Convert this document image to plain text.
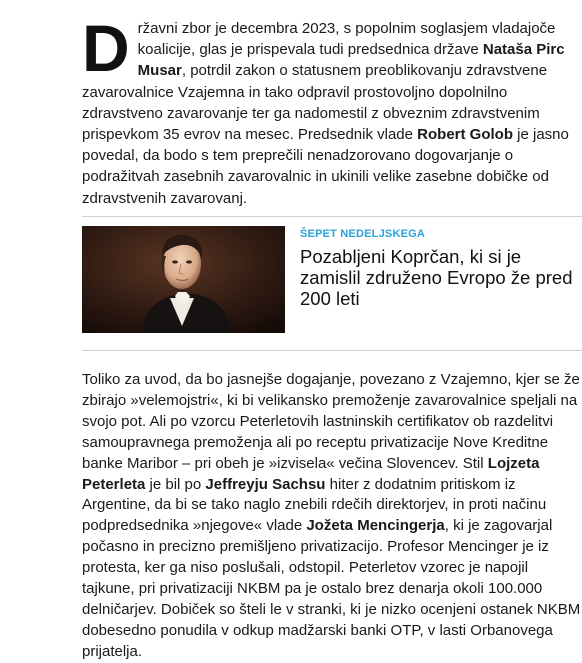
Državni zbor je decembra 2023, s popolnim soglasjem vladajoče koalicije, glas je prispevala tudi predsednica države Nataša Pirc Musar, potrdil zakon o statusnem preoblikovanju zdravstvene zavarovalnice Vzajemna in tako odpravil prostovoljno dopolnilno zdravstveno zavarovanje ter ga nadomestil z obveznim zdravstvenim prispevkom 35 evrov na mesec. Predsednik vlade Robert Golob je jasno povedal, da bodo s tem preprečili nenadzorovano dogovarjanje o podražitvah zasebnih zavarovalnic in ukinili velike zasebne dobičke od zdravstvenih zavarovanj.

ŠEPET NEDELJSKEGA
Pozabljeni Koprčan, ki si je zamislil združeno Evropo že pred 200 leti

Toliko za uvod, da bo jasnejše dogajanje, povezano z Vzajemno, kjer se že zbirajo »velemojstri«, ki bi velikansko premoženje zavarovalnice speljali na svojo pot. Ali po vzorcu Peterletovih lastninskih certifikatov ob razdelitvi samoupravnega premoženja ali po receptu privatizacije Nove Kreditne banke Maribor – pri obeh je »izvisela« večina Slovencev. Stil Lojzeta Peterleta je bil po Jeffreyju Sachsu hiter z dodatnim pritiskom iz Argentine, da bi se tako naglo znebili rdečih direktorjev, in proti načinu podpredsednika »njegove« vlade Jožeta Mencingerja, ki je zagovarjal počasno in precizno premišljeno privatizacijo. Profesor Mencinger je iz protesta, ker ga niso poslušali, odstopil. Peterletov vzorec je napojil tajkune, pri privatizaciji NKBM pa je ostalo brez denarja okoli 100.000 delničarjev. Dobiček so šteli le v stranki, ki je nizko ocenjeni ostanek NKBM dobesedno ponudila v odkup madžarski banki OTP, v lasti Orbanovega prijatelja.
